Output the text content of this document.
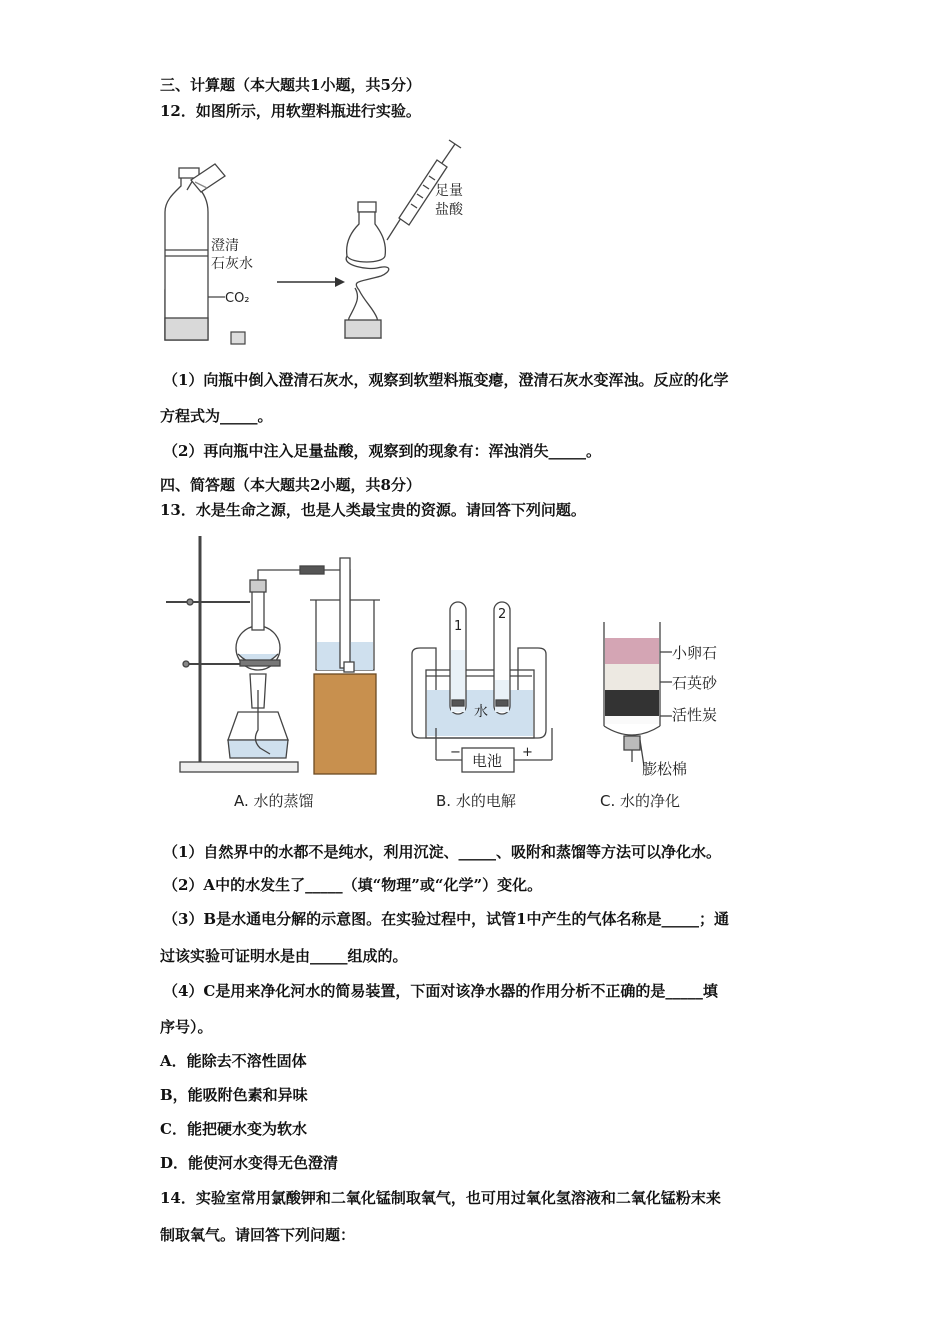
三、计算题（本大题共1小题，共5分）
12．如图所示，用软塑料瓶进行实验。
澄清
石灰水
CO₂
足量
盐酸
（1）向瓶中倒入澄清石灰水，观察到软塑料瓶变瘪，澄清石灰水变浑浊。反应的化学
方程式为_____。
（2）再向瓶中注入足量盐酸，观察到的现象有：浑浊消失_____。
四、简答题（本大题共2小题，共8分）
13．水是生命之源，也是人类最宝贵的资源。请回答下列问题。
A. 水的蒸馏
1
2
水
电池
−	+
B. 水的电解
小卵石
石英砂
活性炭
膨松棉
C. 水的净化
（1）自然界中的水都不是纯水，利用沉淀、_____、吸附和蒸馏等方法可以净化水。
（2）A中的水发生了_____（填“物理”或“化学”）变化。
（3）B是水通电分解的示意图。在实验过程中，试管1中产生的气体名称是_____；通
过该实验可证明水是由_____组成的。
（4）C是用来净化河水的简易装置，下面对该净水器的作用分析不正确的是_____填
序号）。
A．能除去不溶性固体
B，能吸附色素和异味
C．能把硬水变为软水
D．能使河水变得无色澄清
14．实验室常用氯酸钾和二氧化锰制取氧气，也可用过氧化氢溶液和二氧化锰粉末来
制取氧气。请回答下列问题：
